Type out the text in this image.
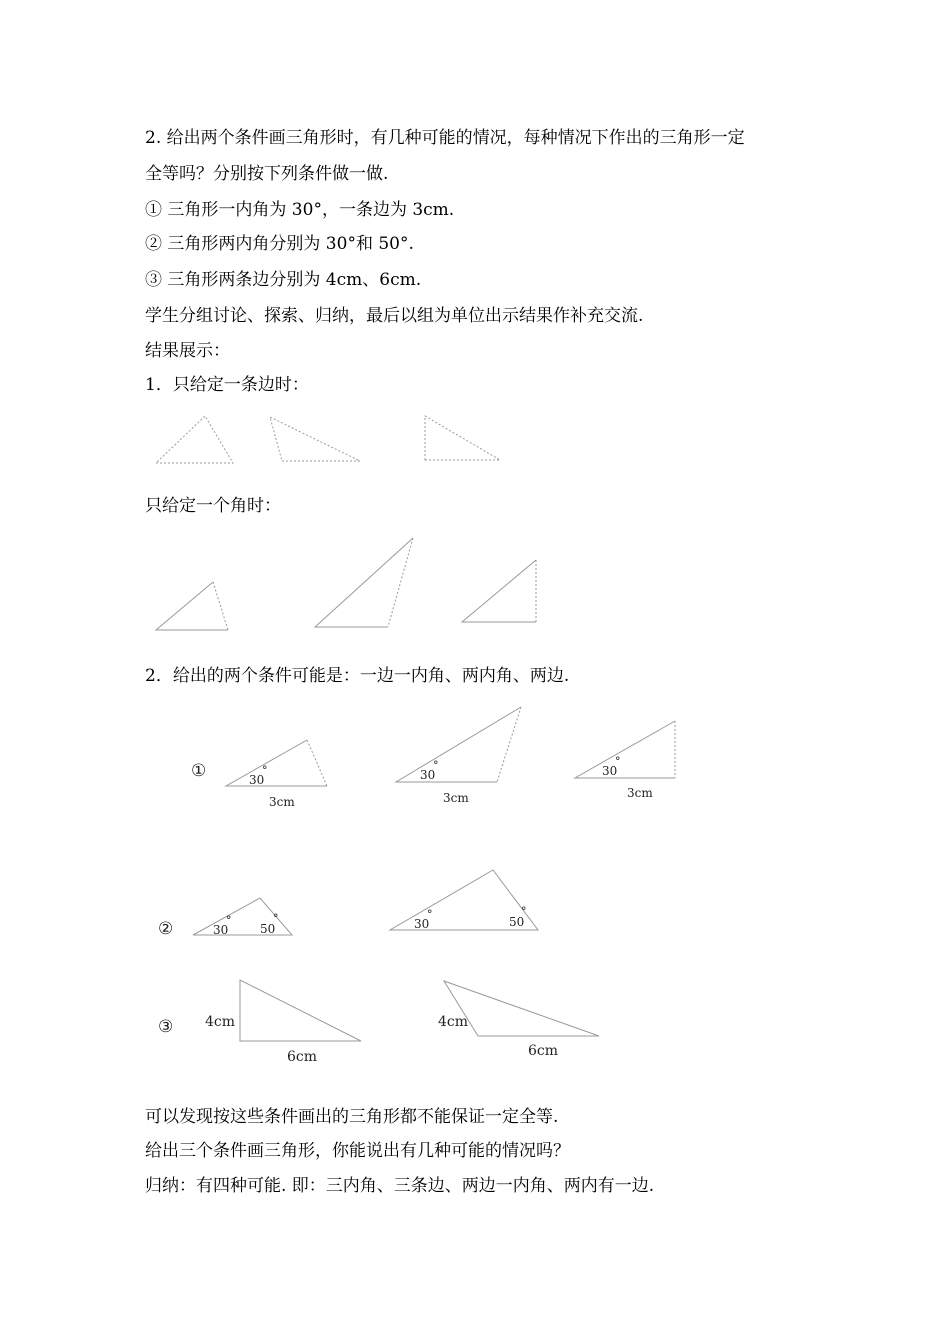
2. 给出两个条件画三角形时，有几种可能的情况，每种情况下作出的三角形一定
全等吗？分别按下列条件做一做.
① 三角形一内角为 30°，一条边为 3cm.
② 三角形两内角分别为 30°和 50°.
③ 三角形两条边分别为 4cm、6cm.
学生分组讨论、探索、归纳，最后以组为单位出示结果作补充交流.
结果展示：
1．只给定一条边时：
只给定一个角时：
2．给出的两个条件可能是：一边一内角、两内角、两边.
可以发现按这些条件画出的三角形都不能保证一定全等.
给出三个条件画三角形，你能说出有几种可能的情况吗？
归纳：有四种可能. 即：三内角、三条边、两边一内角、两内有一边.
①
②
③
30
°
3cm
30
°
3cm
30
°
3cm
30
°
50
°	30
°
50
°
4cm
6cm
4cm
6cm
